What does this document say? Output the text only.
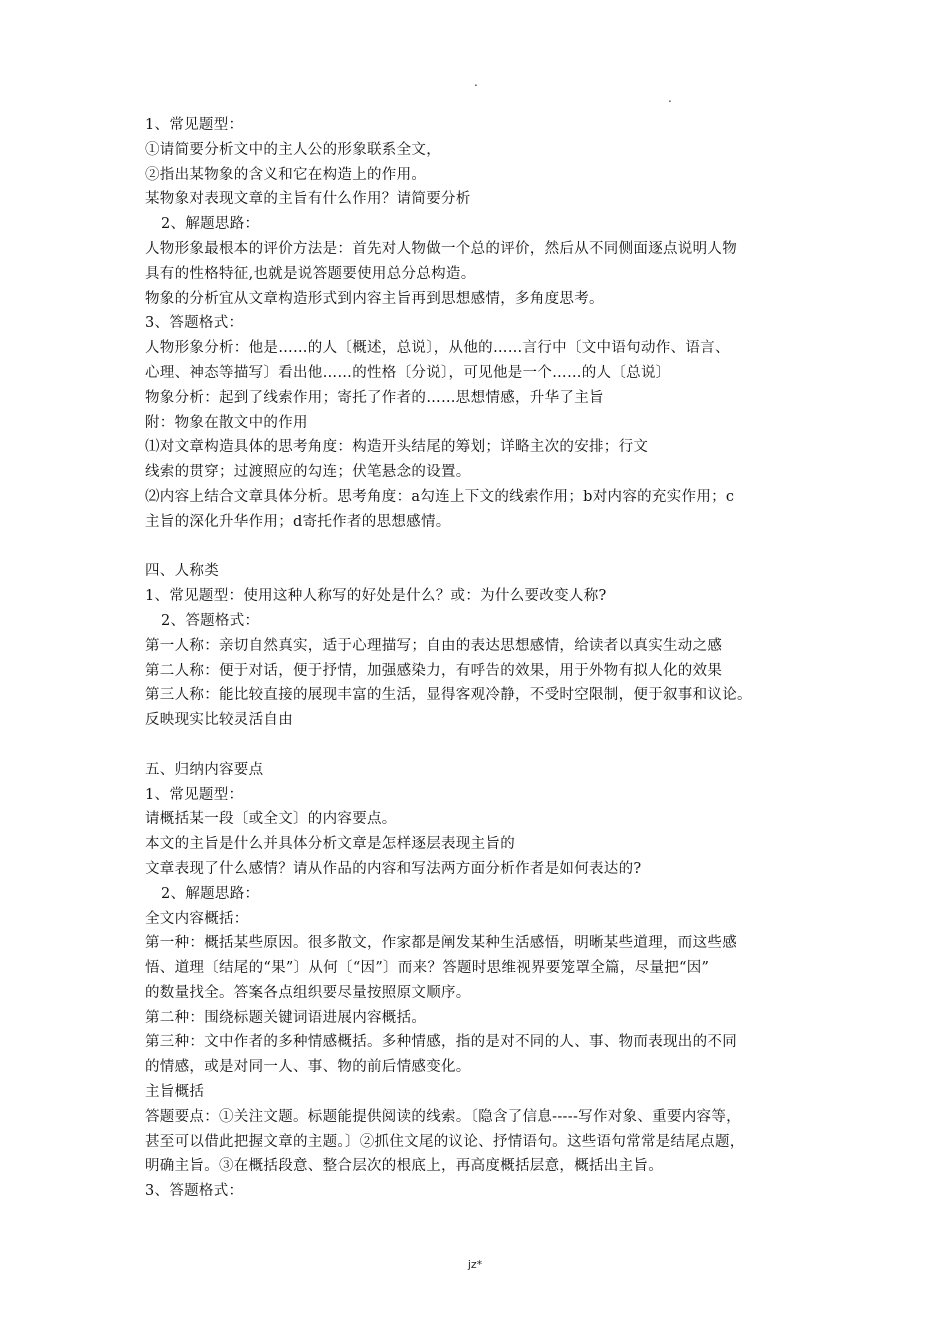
.
.

1、常见题型：

①请简要分析文中的主人公的形象联系全文，

②指出某物象的含义和它在构造上的作用。

某物象对表现文章的主旨有什么作用？请简要分析

2、解题思路：

人物形象最根本的评价方法是：首先对人物做一个总的评价，然后从不同侧面逐点说明人物

具有的性格特征,也就是说答题要使用总分总构造。

物象的分析宜从文章构造形式到内容主旨再到思想感情，多角度思考。

3、答题格式：

人物形象分析：他是……的人〔概述，总说〕，从他的……言行中〔文中语句动作、语言、

心理、神态等描写〕看出他……的性格〔分说〕，可见他是一个……的人〔总说〕

物象分析：起到了线索作用；寄托了作者的……思想情感，升华了主旨

附：物象在散文中的作用

⑴对文章构造具体的思考角度：构造开头结尾的筹划；详略主次的安排；行文

线索的贯穿；过渡照应的勾连；伏笔悬念的设置。

⑵内容上结合文章具体分析。思考角度：a勾连上下文的线索作用；b对内容的充实作用；c

主旨的深化升华作用；d寄托作者的思想感情。

四、人称类

1、常见题型：使用这种人称写的好处是什么？或：为什么要改变人称?

2、答题格式：

第一人称：亲切自然真实，适于心理描写；自由的表达思想感情，给读者以真实生动之感

第二人称：便于对话，便于抒情，加强感染力，有呼告的效果，用于外物有拟人化的效果

第三人称：能比较直接的展现丰富的生活，显得客观冷静，不受时空限制，便于叙事和议论。

反映现实比较灵活自由

五、归纳内容要点

1、常见题型：

请概括某一段〔或全文〕的内容要点。

本文的主旨是什么并具体分析文章是怎样逐层表现主旨的

文章表现了什么感情？请从作品的内容和写法两方面分析作者是如何表达的?

2、解题思路：

全文内容概括：

第一种：概括某些原因。很多散文，作家都是阐发某种生活感悟，明晰某些道理，而这些感

悟、道理〔结尾的“果”〕从何〔“因”〕而来？答题时思维视界要笼罩全篇，尽量把“因”

的数量找全。答案各点组织要尽量按照原文顺序。

第二种：围绕标题关键词语进展内容概括。

第三种：文中作者的多种情感概括。多种情感，指的是对不同的人、事、物而表现出的不同

的情感，或是对同一人、事、物的前后情感变化。

主旨概括

答题要点：①关注文题。标题能提供阅读的线索。〔隐含了信息-----写作对象、重要内容等，

甚至可以借此把握文章的主题。〕②抓住文尾的议论、抒情语句。这些语句常常是结尾点题，

明确主旨。③在概括段意、整合层次的根底上，再高度概括层意，概括出主旨。

3、答题格式：

jz*
